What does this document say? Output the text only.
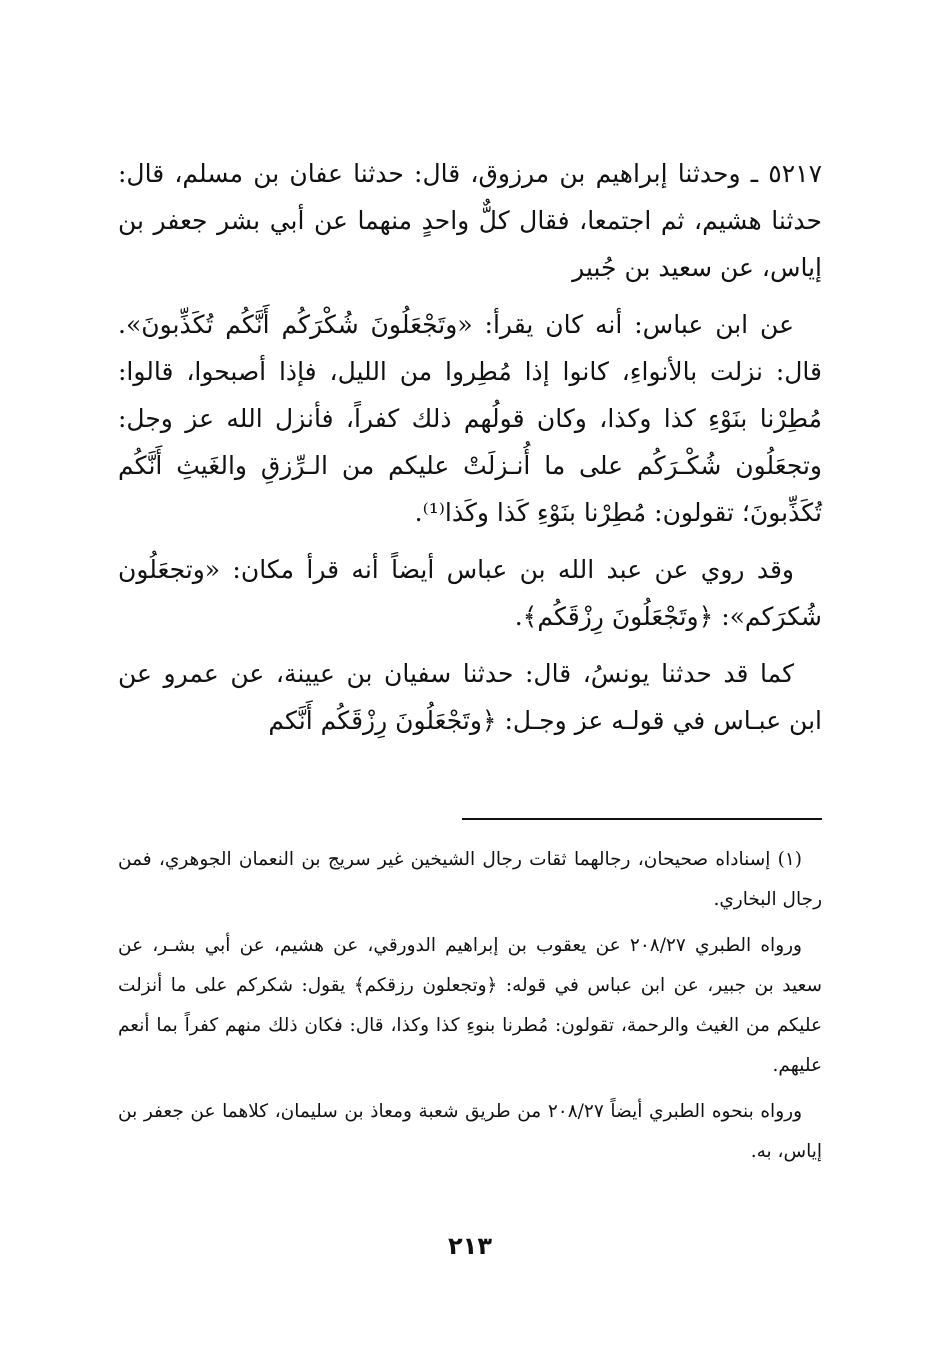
٥٢١٧ ـ وحدثنا إبراهيم بن مرزوق، قال: حدثنا عفان بن مسلم، قال: حدثنا هشيم، ثم اجتمعا، فقال كلٌّ واحدٍ منهما عن أبي بشر جعفر بن إياس، عن سعيد بن جُبير

عن ابن عباس: أنه كان يقرأ: «وتَجْعَلُونَ شُكْرَكُم أَنَّكُم تُكَذِّبونَ». قال: نزلت بالأنواءِ، كانوا إذا مُطِروا من الليل، فإذا أصبحوا، قالوا: مُطِرْنا بنَوْءِ كذا وكذا، وكان قولُهم ذلك كفراً، فأنزل الله عز وجل: وتجعَلُون شُكْـرَكُم على ما أُنـزلَتْ عليكم من الـرِّزقِ والغَيثِ أَنَّكُم تُكَذِّبونَ؛ تقولون: مُطِرْنا بنَوْءِ كَذا وكَذا⁽¹⁾.

وقد روي عن عبد الله بن عباس أيضاً أنه قرأ مكان: «وتجعَلُون شُكرَكم»: ﴿وتَجْعَلُونَ رِزْقَكُم﴾.

كما قد حدثنا يونسُ، قال: حدثنا سفيان بن عيينة، عن عمرو عن ابن عبـاس في قولـه عز وجـل: ﴿وتَجْعَلُونَ رِزْقَكُم أَنَّكم

(١) إسناداه صحيحان، رجالهما ثقات رجال الشيخين غير سريج بن النعمان الجوهري، فمن رجال البخاري.

ورواه الطبري ٢٠٨/٢٧ عن يعقوب بن إبراهيم الدورقي، عن هشيم، عن أبي بشـر، عن سعيد بن جبير، عن ابن عباس في قوله: ﴿وتجعلون رزقكم﴾ يقول: شكركم على ما أنزلت عليكم من الغيث والرحمة، تقولون: مُطرنا بنوءِ كذا وكذا، قال: فكان ذلك منهم كفراً بما أنعم عليهم.

ورواه بنحوه الطبري أيضاً ٢٠٨/٢٧ من طريق شعبة ومعاذ بن سليمان، كلاهما عن جعفر بن إياس، به.

٢١٣
